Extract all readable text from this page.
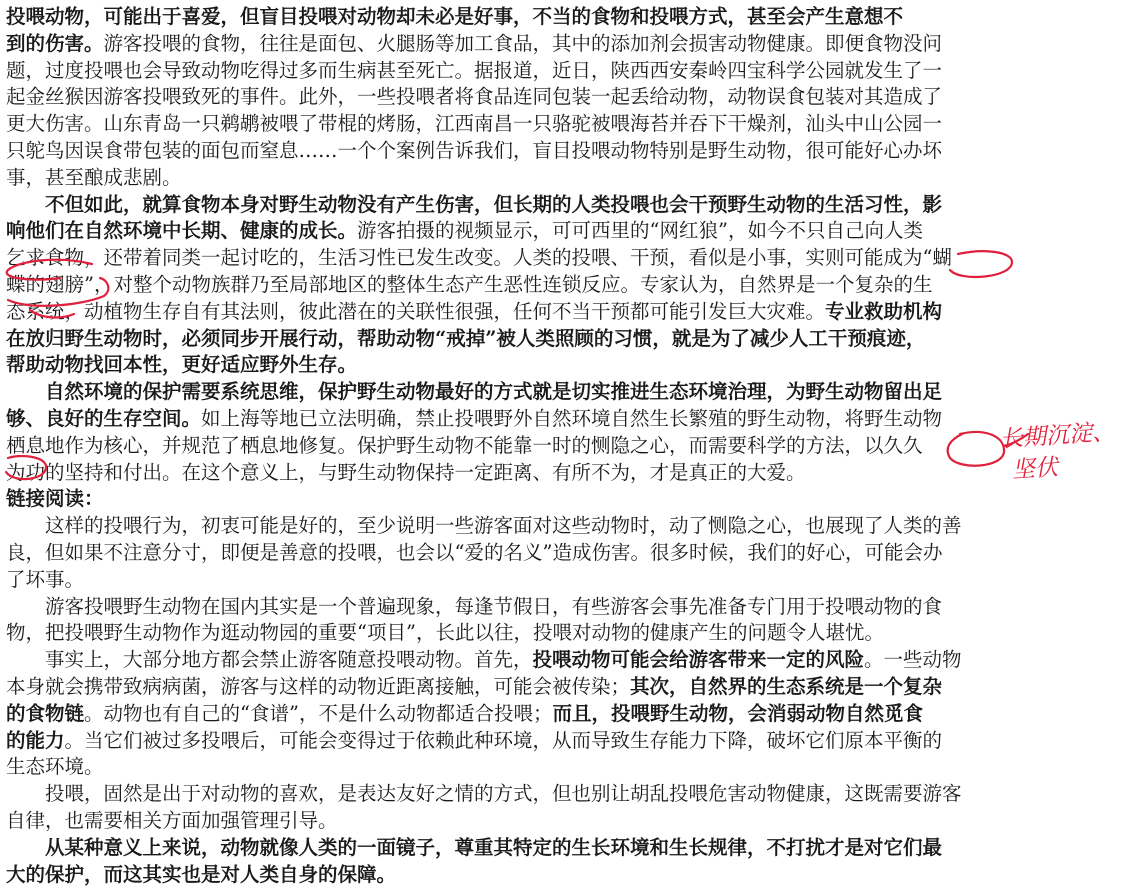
投喂动物，可能出于喜爱，但盲目投喂对动物却未必是好事，不当的食物和投喂方式，甚至会产生意想不
到的伤害。游客投喂的食物，往往是面包、火腿肠等加工食品，其中的添加剂会损害动物健康。即便食物没问
题，过度投喂也会导致动物吃得过多而生病甚至死亡。据报道，近日，陕西西安秦岭四宝科学公园就发生了一
起金丝猴因游客投喂致死的事件。此外，一些投喂者将食品连同包装一起丢给动物，动物误食包装对其造成了
更大伤害。山东青岛一只鹈鹕被喂了带棍的烤肠，江西南昌一只骆驼被喂海苔并吞下干燥剂，汕头中山公园一
只鸵鸟因误食带包装的面包而窒息……一个个案例告诉我们，盲目投喂动物特别是野生动物，很可能好心办坏
事，甚至酿成悲剧。
　　不但如此，就算食物本身对野生动物没有产生伤害，但长期的人类投喂也会干预野生动物的生活习性，影
响他们在自然环境中长期、健康的成长。游客拍摄的视频显示，可可西里的“网红狼”，如今不只自己向人类
乞求食物，还带着同类一起讨吃的，生活习性已发生改变。人类的投喂、干预，看似是小事，实则可能成为“蝴
蝶的翅膀”，对整个动物族群乃至局部地区的整体生态产生恶性连锁反应。专家认为，自然界是一个复杂的生
态系统，动植物生存自有其法则，彼此潜在的关联性很强，任何不当干预都可能引发巨大灾难。专业救助机构
在放归野生动物时，必须同步开展行动，帮助动物“戒掉”被人类照顾的习惯，就是为了减少人工干预痕迹，
帮助动物找回本性，更好适应野外生存。
　　自然环境的保护需要系统思维，保护野生动物最好的方式就是切实推进生态环境治理，为野生动物留出足
够、良好的生存空间。如上海等地已立法明确，禁止投喂野外自然环境自然生长繁殖的野生动物，将野生动物
栖息地作为核心，并规范了栖息地修复。保护野生动物不能靠一时的恻隐之心，而需要科学的方法，以久久
为功的坚持和付出。在这个意义上，与野生动物保持一定距离、有所不为，才是真正的大爱。
链接阅读：
　　这样的投喂行为，初衷可能是好的，至少说明一些游客面对这些动物时，动了恻隐之心，也展现了人类的善
良，但如果不注意分寸，即便是善意的投喂，也会以“爱的名义”造成伤害。很多时候，我们的好心，可能会办
了坏事。
　　游客投喂野生动物在国内其实是一个普遍现象，每逢节假日，有些游客会事先准备专门用于投喂动物的食
物，把投喂野生动物作为逛动物园的重要“项目”，长此以往，投喂对动物的健康产生的问题令人堪忧。
　　事实上，大部分地方都会禁止游客随意投喂动物。首先，投喂动物可能会给游客带来一定的风险。一些动物
本身就会携带致病病菌，游客与这样的动物近距离接触，可能会被传染；其次，自然界的生态系统是一个复杂
的食物链。动物也有自己的“食谱”，不是什么动物都适合投喂；而且，投喂野生动物，会消弱动物自然觅食
的能力。当它们被过多投喂后，可能会变得过于依赖此种环境，从而导致生存能力下降，破坏它们原本平衡的
生态环境。
　　投喂，固然是出于对动物的喜欢，是表达友好之情的方式，但也别让胡乱投喂危害动物健康，这既需要游客
自律，也需要相关方面加强管理引导。
　　从某种意义上来说，动物就像人类的一面镜子，尊重其特定的生长环境和生长规律，不打扰才是对它们最
大的保护，而这其实也是对人类自身的保障。
长期沉淀、
坚伏
